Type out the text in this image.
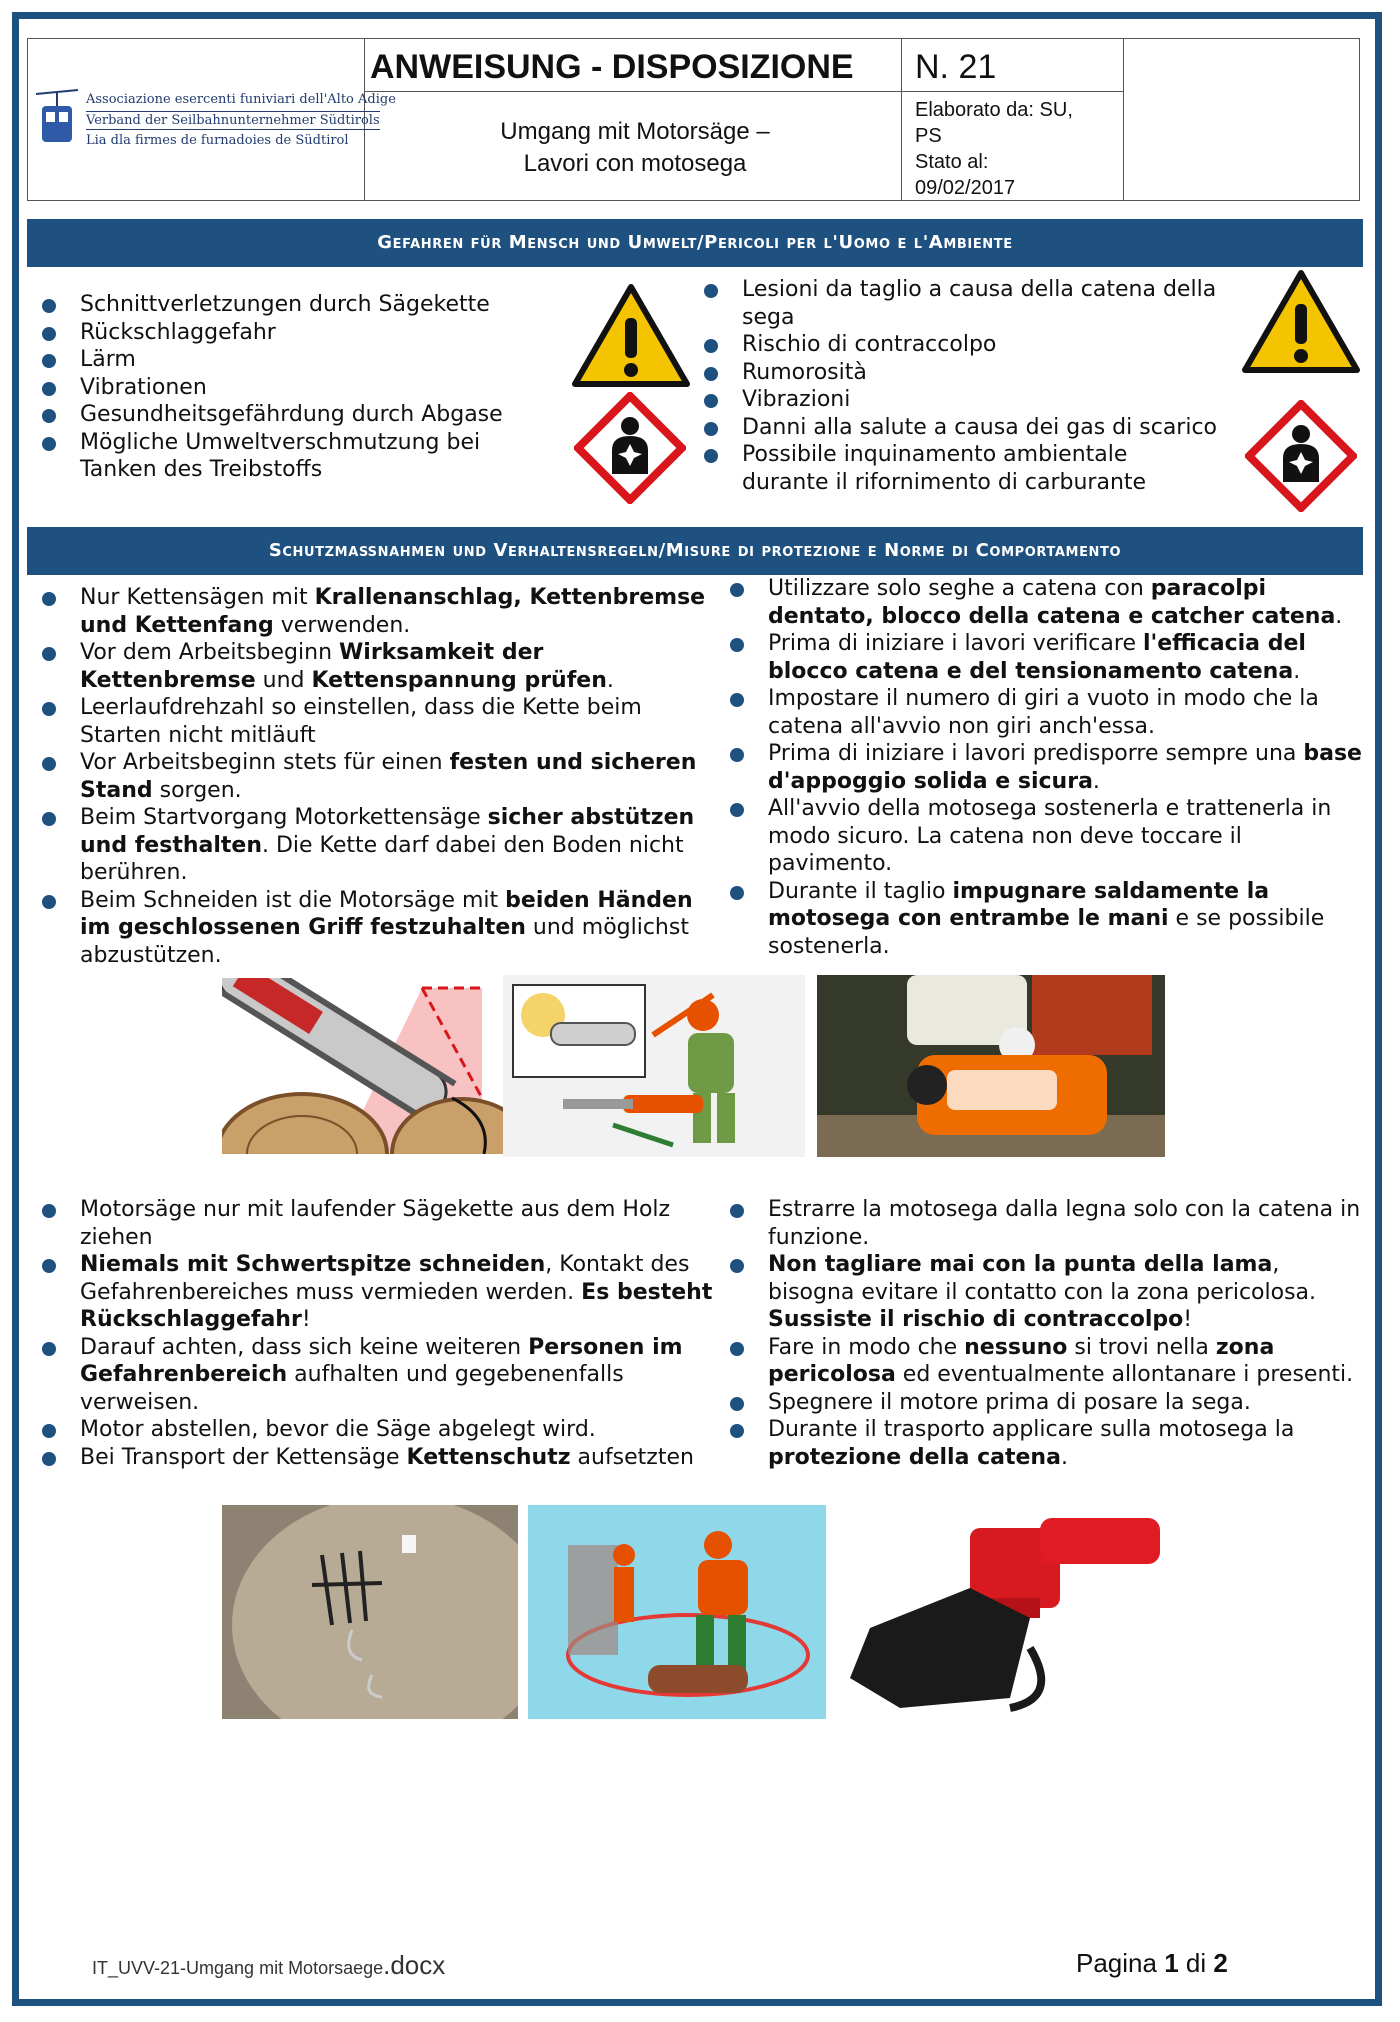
Associazione esercenti funiviari dell'Alto Adige
Verband der Seilbahnunternehmer Südtirols
Lia dla firmes de furnadoies de Südtirol
ANWEISUNG - DISPOSIZIONE N. 21
Umgang mit Motorsäge –
Lavori con motosega
Elaborato da: SU,
PS
Stato al:
09/02/2017
Gefahren für Mensch und Umwelt/Pericoli per l'Uomo e l'Ambiente
Schnittverletzungen durch Sägekette
Rückschlaggefahr
Lärm
Vibrationen
Gesundheitsgefährdung durch Abgase
Mögliche Umweltverschmutzung bei Tanken des Treibstoffs
Lesioni da taglio a causa della catena della sega
Rischio di contraccolpo
Rumorosità
Vibrazioni
Danni alla salute a causa dei gas di scarico
Possibile inquinamento ambientale durante il rifornimento di carburante
Schutzmaßnahmen und Verhaltensregeln/Misure di protezione e Norme di Comportamento
Nur Kettensägen mit Krallenanschlag, Kettenbremse und Kettenfang verwenden.
Vor dem Arbeitsbeginn Wirksamkeit der Kettenbremse und Kettenspannung prüfen.
Leerlaufdrehzahl so einstellen, dass die Kette beim Starten nicht mitläuft
Vor Arbeitsbeginn stets für einen festen und sicheren Stand sorgen.
Beim Startvorgang Motorkettensäge sicher abstützen und festhalten. Die Kette darf dabei den Boden nicht berühren.
Beim Schneiden ist die Motorsäge mit beiden Händen im geschlossenen Griff festzuhalten und möglichst abzustützen.
Utilizzare solo seghe a catena con paracolpi dentato, blocco della catena e catcher catena.
Prima di iniziare i lavori verificare l'efficacia del blocco catena e del tensionamento catena.
Impostare il numero di giri a vuoto in modo che la catena all'avvio non giri anch'essa.
Prima di iniziare i lavori predisporre sempre una base d'appoggio solida e sicura.
All'avvio della motosega sostenerla e trattenerla in modo sicuro. La catena non deve toccare il pavimento.
Durante il taglio impugnare saldamente la motosega con entrambe le mani e se possibile sostenerla.
Motorsäge nur mit laufender Sägekette aus dem Holz ziehen
Niemals mit Schwertspitze schneiden, Kontakt des Gefahrenbereiches muss vermieden werden. Es besteht Rückschlaggefahr!
Darauf achten, dass sich keine weiteren Personen im Gefahrenbereich aufhalten und gegebenenfalls verweisen.
Motor abstellen, bevor die Säge abgelegt wird.
Bei Transport der Kettensäge Kettenschutz aufsetzten
Estrarre la motosega dalla legna solo con la catena in funzione.
Non tagliare mai con la punta della lama, bisogna evitare il contatto con la zona pericolosa. Sussiste il rischio di contraccolpo!
Fare in modo che nessuno si trovi nella zona pericolosa ed eventualmente allontanare i presenti.
Spegnere il motore prima di posare la sega.
Durante il trasporto applicare sulla motosega la protezione della catena.
IT_UVV-21-Umgang mit Motorsaege.docx	Pagina 1 di 2
